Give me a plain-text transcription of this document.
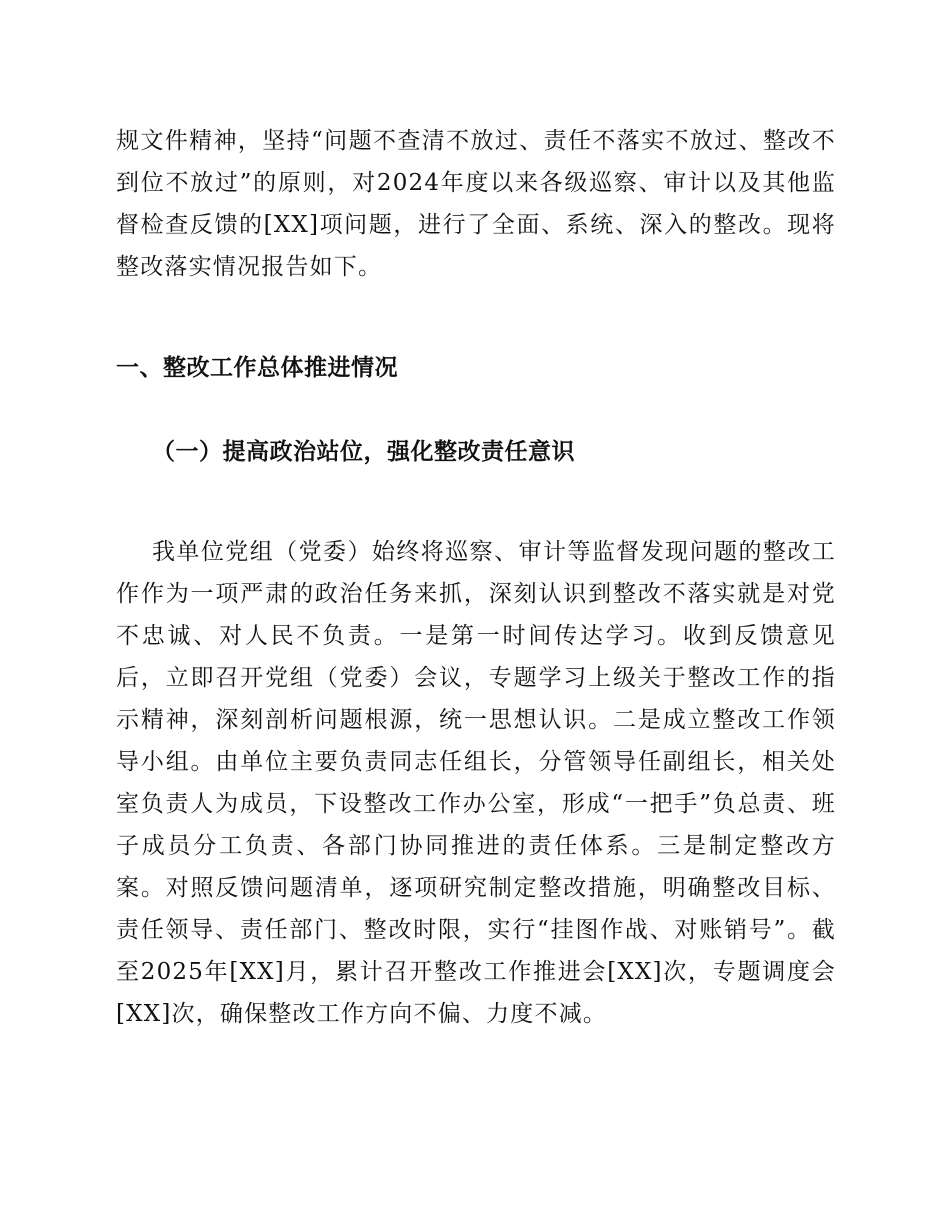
规文件精神，坚持“问题不查清不放过、责任不落实不放过、整改不到位不放过”的原则，对2024年度以来各级巡察、审计以及其他监督检查反馈的[XX]项问题，进行了全面、系统、深入的整改。现将整改落实情况报告如下。

一、整改工作总体推进情况
（一）提高政治站位，强化整改责任意识

我单位党组（党委）始终将巡察、审计等监督发现问题的整改工作作为一项严肃的政治任务来抓，深刻认识到整改不落实就是对党不忠诚、对人民不负责。一是第一时间传达学习。收到反馈意见后，立即召开党组（党委）会议，专题学习上级关于整改工作的指示精神，深刻剖析问题根源，统一思想认识。二是成立整改工作领导小组。由单位主要负责同志任组长，分管领导任副组长，相关处室负责人为成员，下设整改工作办公室，形成“一把手”负总责、班子成员分工负责、各部门协同推进的责任体系。三是制定整改方案。对照反馈问题清单，逐项研究制定整改措施，明确整改目标、责任领导、责任部门、整改时限，实行“挂图作战、对账销号”。截至2025年[XX]月，累计召开整改工作推进会[XX]次，专题调度会[XX]次，确保整改工作方向不偏、力度不减。
